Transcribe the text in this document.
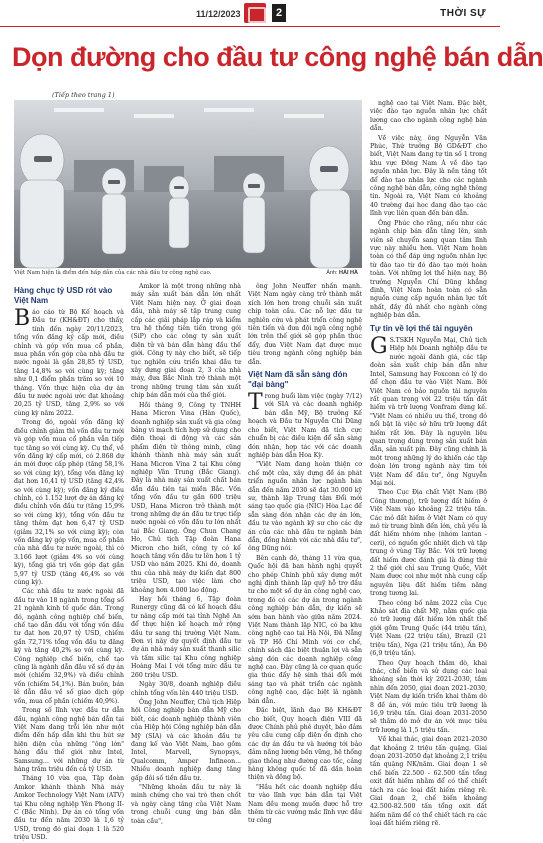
11/12/2023	2	THỜI SỰ
Dọn đường cho đầu tư công nghệ bán dẫn
(Tiếp theo trang 1)
Việt Nam hiện là điểm đến hấp dẫn của các nhà đầu tư công nghệ cao.	Ảnh: HẢI HÀ
Hàng chục tỷ USD rót vào Việt Nam

Báo cáo từ Bộ Kế hoạch và Đầu tư (KH&ĐT) cho thấy, tính đến ngày 20/11/2023, tổng vốn đăng ký cấp mới, điều chỉnh và góp vốn mua cổ phần, mua phần vốn góp của nhà đầu tư nước ngoài là gần 28,85 tỷ USD, tăng 14,8% so với cùng kỳ; tăng như 0,1 điểm phần trăm so với 10 tháng. Vốn thực hiện của dự án đầu tư nước ngoài ước đạt khoảng 20,25 tỷ USD, tăng 2,9% so với cùng kỳ năm 2022.

Trong đó, ngoài vốn đăng ký điều chỉnh giảm thì vốn đầu tư mới và góp vốn mua cổ phần vẫn tiếp tục tăng so với cùng kỳ. Cụ thể, về vốn đăng ký cấp mới, có 2.868 dự án mới được cấp phép (tăng 58,1% so với cùng kỳ), tổng vốn đăng ký đạt hơn 16,41 tỷ USD (tăng 42,4% so với cùng kỳ); vốn đăng ký điều chỉnh, có 1.152 lượt dự án đăng ký điều chỉnh vốn đầu tư (tăng 15,9% so với cùng kỳ), tổng vốn đầu tư tăng thêm đạt hơn 6,47 tỷ USD (giảm 32,1% so với cùng kỳ); còn vốn đăng ký góp vốn, mua cổ phần của nhà đầu tư nước ngoài, thì có 3.166 lượt (giảm 4% so với cùng kỳ), tổng giá trị vốn góp đạt gần 5,97 tỷ USD (tăng 46,4% so với cùng kỳ).

Các nhà đầu tư nước ngoài đã đầu tư vào 18 ngành trong tổng số 21 ngành kinh tế quốc dân. Trong đó, ngành công nghiệp chế biến, chế tạo dẫn đầu với tổng vốn đầu tư đạt hơn 20,97 tỷ USD, chiếm gần 72,71% tổng vốn đầu tư đăng ký và tăng 40,2% so với cùng kỳ. Công nghiệp chế biến, chế tạo cũng là ngành dẫn đầu về số dự án mới (chiếm 32,9%) và điều chỉnh vốn (chiếm 54,1%). Bán buôn, bán lẻ dẫn đầu về số giao dịch góp vốn, mua cổ phần (chiếm 40,9%).

Trong số lĩnh vực đầu tư dẫn đầu, ngành công nghệ bán dẫn tại Việt Nam đang trỗi lên như một điểm đến hấp dẫn khi thu hút sự hiện diện của những "ông lớn" hàng đầu thế giới như Intel, Samsung... với những dự án từ hàng trăm triệu đến cả tỷ USD.

Tháng 10 vừa qua, Tập đoàn Amkor khánh thành Nhà máy Amkor Technology Việt Nam (ATV) tại Khu công nghiệp Yên Phong II-C (Bắc Ninh). Dự án có tổng vốn đầu tư đến năm 2030 là 1,6 tỷ USD, trong đó giai đoạn 1 là 520 triệu USD.

Amkor là một trong những nhà máy sản xuất bán dẫn lớn nhất Việt Nam hiện nay. Ở giai đoạn đầu, nhà máy sẽ tập trung cung cấp các giải pháp lắp ráp và kiểm tra hệ thống tiên tiến trong gói (SiP) cho các công ty sản xuất điện tử và bán dẫn hàng đầu thế giới. Công ty này cho biết, sẽ tiếp tục nghiên cứu triển khai đầu tư xây dựng giai đoạn 2, 3 của nhà máy, đưa Bắc Ninh trở thành một trong những trung tâm sản xuất chip bán dẫn mới của thế giới.

Hồi tháng 9, Công ty TNHH Hana Micron Vina (Hàn Quốc), doanh nghiệp sản xuất và gia công bảng vi mạch tích hợp sử dụng cho điện thoại di động và các sản phẩm điện tử thông minh, cũng khánh thành nhà máy sản xuất Hana Micron Vina 2 tại Khu công nghiệp Vân Trung (Bắc Giang). Đây là nhà máy sản xuất chất bán dẫn đầu tiên tại miền Bắc. Vốn tổng vốn đầu tư gần 600 triệu USD, Hana Micron trở thành một trong những dự án đầu tư trực tiếp nước ngoài có vốn đầu tư lớn nhất tại Bắc Giang. Ông Chun Chang Ho, Chủ tịch Tập đoàn Hana Micron cho biết, công ty có kế hoạch tăng vốn đầu tư lên hơn 1 tỷ USD vào năm 2025. Khi đó, doanh thu của nhà máy dự kiến đạt 800 triệu USD, tạo việc làm cho khoảng hơn 4.000 lao động.

Hay hồi tháng 6, Tập đoàn Runergy cũng đã có kế hoạch đầu tư nâng cấp mới tại tỉnh Nghệ An để thực hiện kế hoạch mở rộng đầu tư sang thị trường Việt Nam. Đơn vị này dự quyết định đầu tư dự án nhà máy sản xuất thanh silic và tấm silic tại Khu công nghiệp Hoàng Mai I với tổng mức đầu tư 260 triệu USD.

Ngày 30/8, doanh nghiệp điều chỉnh tổng vốn lên 440 triệu USD.

Ông John Neuffer, Chủ tịch Hiệp hội Công nghiệp bán dẫn Mỹ cho biết, các doanh nghiệp thành viên của Hiệp hội Công nghiệp bán dẫn Mỹ (SIA) và các khoản đầu tư đang kế vào Việt Nam, bao gồm Intel, Marvell, Synopsys, Qualcomm, Amper Infineon... Nhiều doanh nghiệp đang tăng gấp đôi số tiền đầu tư.

"Những khoản đầu tư này là minh chứng cho vai trò then chốt và ngày càng tăng của Việt Nam trong chuỗi cung ứng bán dẫn toàn cầu",

ông John Neuffer nhấn mạnh. Việt Nam ngày càng trở thành mắt xích lớn hơn trong chuỗi sản xuất chip toàn cầu. Các nỗ lực đầu tư nghiên cứu và phát triển công nghệ tiên tiến và đưa đội ngũ công nghệ lớn trên thế giới sẽ góp phần thúc đẩy, đưa Việt Nam đạt được mục tiêu trong ngành công nghiệp bán dẫn.

Việt Nam đã sẵn sàng đón "đại bàng"

Trong buổi làm việc (ngày 7/12) với SIA và các doanh nghiệp bán dẫn Mỹ, Bộ trưởng Kế hoạch và Đầu tư Nguyễn Chí Dũng cho biết, Việt Nam đã tích cực chuẩn bị các điều kiện để sẵn sàng đón nhận, hợp tác với các doanh nghiệp bán dẫn Hoa Kỳ.

"Việt Nam đang hoàn thiện cơ chế một cửa, xây dựng đề án phát triển nguồn nhân lực ngành bán dẫn đến năm 2030 sẽ đạt 30.000 kỹ sư, thành lập Trung tâm Đổi mới sáng tạo quốc gia (NIC) Hòa Lạc để sẵn sàng đón nhận các dự án lớn, đầu tư vào ngành kỹ sư cho các dự án của các nhà đầu tư ngành bán dẫn, đồng hành với các nhà đầu tư", ông Dũng nói.

Bên cạnh đó, tháng 11 vừa qua, Quốc hội đã ban hành nghị quyết cho phép Chính phủ xây dựng một nghị định thành lập quỹ hỗ trợ đầu tư cho một số dự án công nghệ cao, trong đó có các dự án trong ngành công nghiệp bán dẫn, dự kiến sẽ sớm ban hành vào giữa năm 2024. Việt Nam thành lập NIC, có ba khu công nghệ cao tại Hà Nội, Đà Nẵng và TP Hồ Chí Minh với cơ chế, chính sách đặc biệt thuận lợi và sẵn sàng đón các doanh nghiệp công nghệ cao. Đây cũng là cơ quan quốc gia thúc đẩy hệ sinh thái đổi mới sáng tạo và phát triển các ngành công nghệ cao, đặc biệt là ngành bán dẫn.

Đặc biệt, lãnh đạo Bộ KH&ĐT cho biết, Quy hoạch điện VIII đã được Chính phủ phê duyệt, bảo đảm yêu cầu cung cấp điện ổn định cho các dự án đầu tư và hướng tới bảo đảm năng lượng bền vững, hệ thống giao thông như đường cao tốc, cảng hàng không quốc tế đã dần hoàn thiện và đồng bộ.

"Hầu hết các doanh nghiệp đầu tư vào lĩnh vực bán dẫn tại Việt Nam đều mong muốn được hỗ trợ thêm từ các vướng mắc lĩnh vực đầu tư công

nghệ cao tại Việt Nam. Đặc biệt, việc đào tạo nguồn nhân lực chất lượng cao cho ngành công nghệ bán dẫn.

Về việc này, ông Nguyễn Văn Phúc, Thứ trưởng Bộ GD&ĐT cho biết, Việt Nam đang tự tin số 1 trong khu vực Đông Nam Á về đào tạo nguồn nhân lực. Đây là nền tảng tốt để đào tạo nhân lực cho các ngành công nghệ bán dẫn, công nghệ thông tin. Ngoài ra, Việt Nam có khoảng 40 trường đại học đang đào tạo các lĩnh vực liên quan đến bán dẫn.

Ông Phúc cho rằng, nếu như các ngành chip bán dẫn tăng lên, sinh viên sẽ chuyển sang quan tâm lĩnh vực này nhiều hơn. Việt Nam hoàn toàn có thể đáp ứng nguồn nhân lực từ đào tạo từ đó đào tạo mới hoàn toàn. Với những lợi thế hiện nay, Bộ trưởng Nguyễn Chí Dũng khẳng định, Việt Nam hoàn toàn có sẵn nguồn cung cấp nguồn nhân lực tốt nhất, đầy đủ nhất cho ngành công nghiệp bán dẫn.

Tự tin về lợi thế tài nguyên

GS.TSKH Nguyễn Mại, Chủ tịch Hiệp hội Doanh nghiệp đầu tư nước ngoài đánh giá, các tập đoàn sản xuất chip bán dẫn như Intel, Samsung hay Foxconn có lý do để chọn đầu tư vào Việt Nam. Bởi Việt Nam có bảo nguồn tài nguyên rất quan trọng với 22 triệu tấn đất hiếm và trữ lượng Vonfram đứng kế. "Việt Nam có nhiều ưu thế, trong đó nổi bật là việc sở hữu trữ lượng đất hiếm rất lớn. Đây là nguyên liệu quan trọng dùng trong sản xuất bán dẫn, sản xuất pin. Đây cũng chính là một trong những lý do khiến các tập đoàn lớn trong ngành này tìm tới Việt Nam để đầu tư", ông Nguyễn Mại nói.

Theo Cục Địa chất Việt Nam (Bộ Công thương), trữ lượng đất hiếm ở Việt Nam vào khoảng 22 triệu tấn. Các mỏ đất hiếm ở Việt Nam có quy mô từ trung bình đến lớn, chủ yếu là đất hiếm nhóm nhẹ (nhóm lantan - ceri), có nguồn gốc nhiệt dịch và tập trung ở vùng Tây Bắc. Với trữ lượng đất hiếm được đánh giá là đứng thứ 2 thế giới chỉ sau Trung Quốc, Việt Nam được coi như một nhà cung cấp nguyên liệu đất hiếm tiềm năng trong tương lai.

Theo công bố năm 2022 của Cục Khảo sát địa chất Mỹ, nằm quốc gia có trữ lượng đất hiếm lớn nhất thế giới gồm Trung Quốc (44 triệu tấn), Việt Nam (22 triệu tấn), Brazil (21 triệu tấn), Nga (21 triệu tấn), Ấn Độ (6,9 triệu tấn).

Theo Quy hoạch thăm dò, khai thác, chế biến và sử dụng các loại khoáng sản thời kỳ 2021-2030, tầm nhìn đến 2050, giai đoạn 2021-2030, Việt Nam dự kiến triển khai thăm dò 8 đề án, với mức tiêu trữ lượng là 16,9 triệu tấn. Giai đoạn 2031-2050 sẽ thăm dò mở dư án với mục tiêu trữ lượng là 1,5 triệu tấn.

Về khai thác, giai đoạn 2021-2030 đạt khoảng 2 triệu tấn quặng. Giai đoạn 2031-2050 đạt khoảng 2,1 triệu tấn quặng NK/năm. Giai đoạn 1 sẽ chế biến 22.500 - 62.500 tấn tổng oxit đất hiếm nhằm để có thể chiết tách ra các loại đất hiếm riêng rẽ. Giai đoạn 2, chế biến khoảng 42.500-82.500 tấn tổng oxit đất hiếm năm để có thể chiết tách ra các loại đất hiếm riêng rẽ.
